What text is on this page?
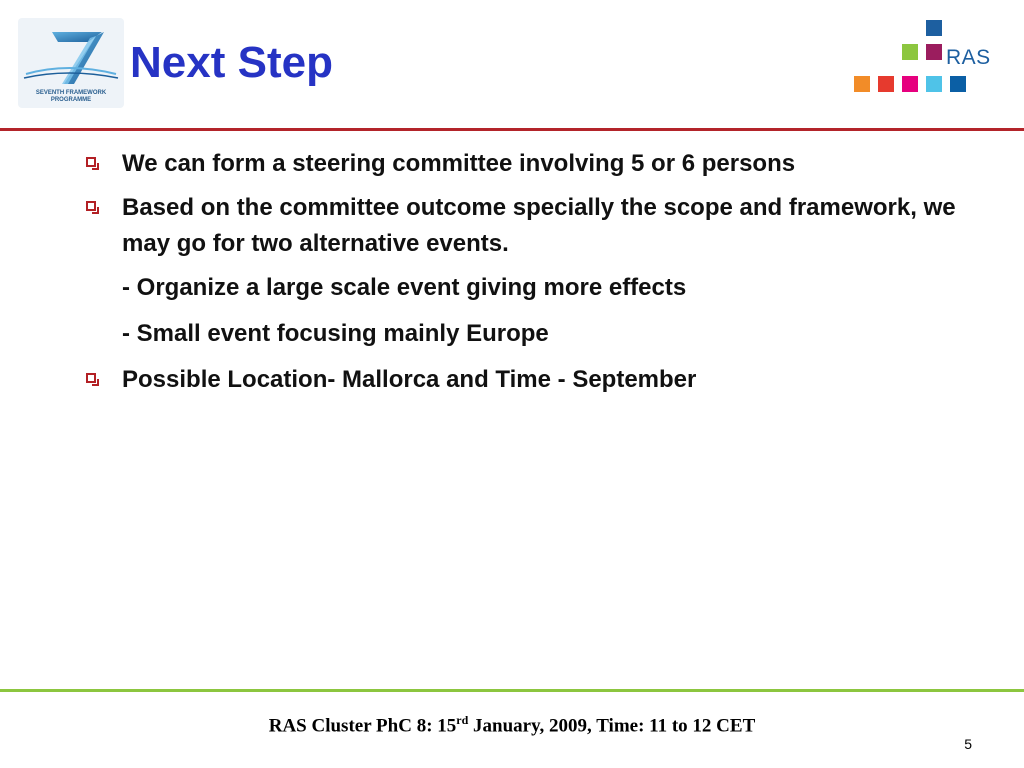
SEVENTH FRAMEWORK
PROGRAMME
Next Step	RAS
We can form a steering committee involving 5 or 6 persons
Based on the committee outcome specially the scope and framework, we may go for two alternative events.
- Organize a large scale event giving more effects
- Small event focusing mainly Europe
Possible Location- Mallorca and Time - September
RAS Cluster PhC 8: 15rd January, 2009, Time: 11 to 12 CET
5
